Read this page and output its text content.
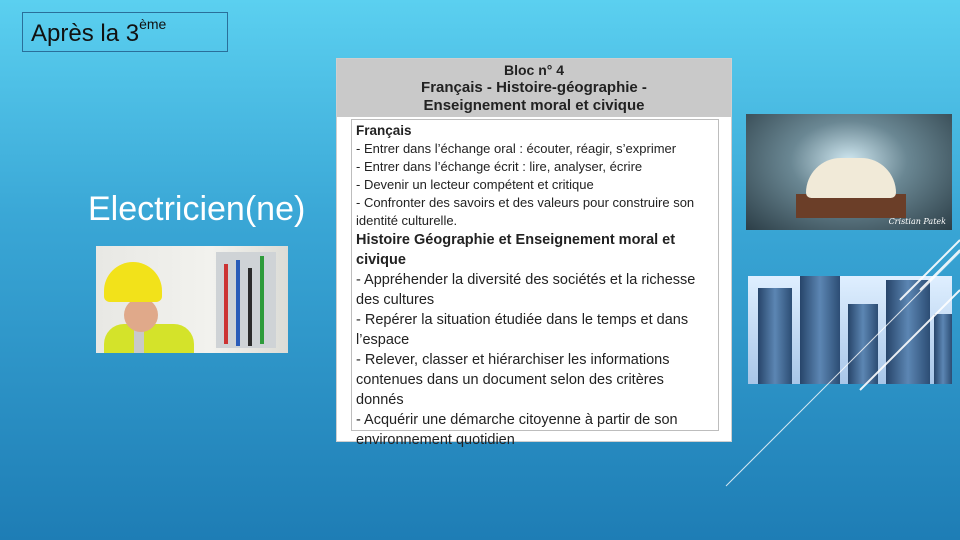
Après la 3ème
Electricien(ne)
Bloc n° 4
Français - Histoire-géographie -
Enseignement moral et civique
Français
- Entrer dans l’échange oral : écouter, réagir, s’exprimer
- Entrer dans l’échange écrit : lire, analyser, écrire
- Devenir un lecteur compétent et critique
- Confronter des savoirs et des valeurs pour construire son
identité culturelle.
Histoire Géographie et Enseignement moral et
civique
- Appréhender la diversité des sociétés et la richesse
des cultures
- Repérer la situation étudiée dans le temps et dans
l’espace
- Relever, classer et hiérarchiser les informations
contenues dans un document selon des critères donnés
- Acquérir une démarche citoyenne à partir de son
environnement quotidien
Cristian Patek
